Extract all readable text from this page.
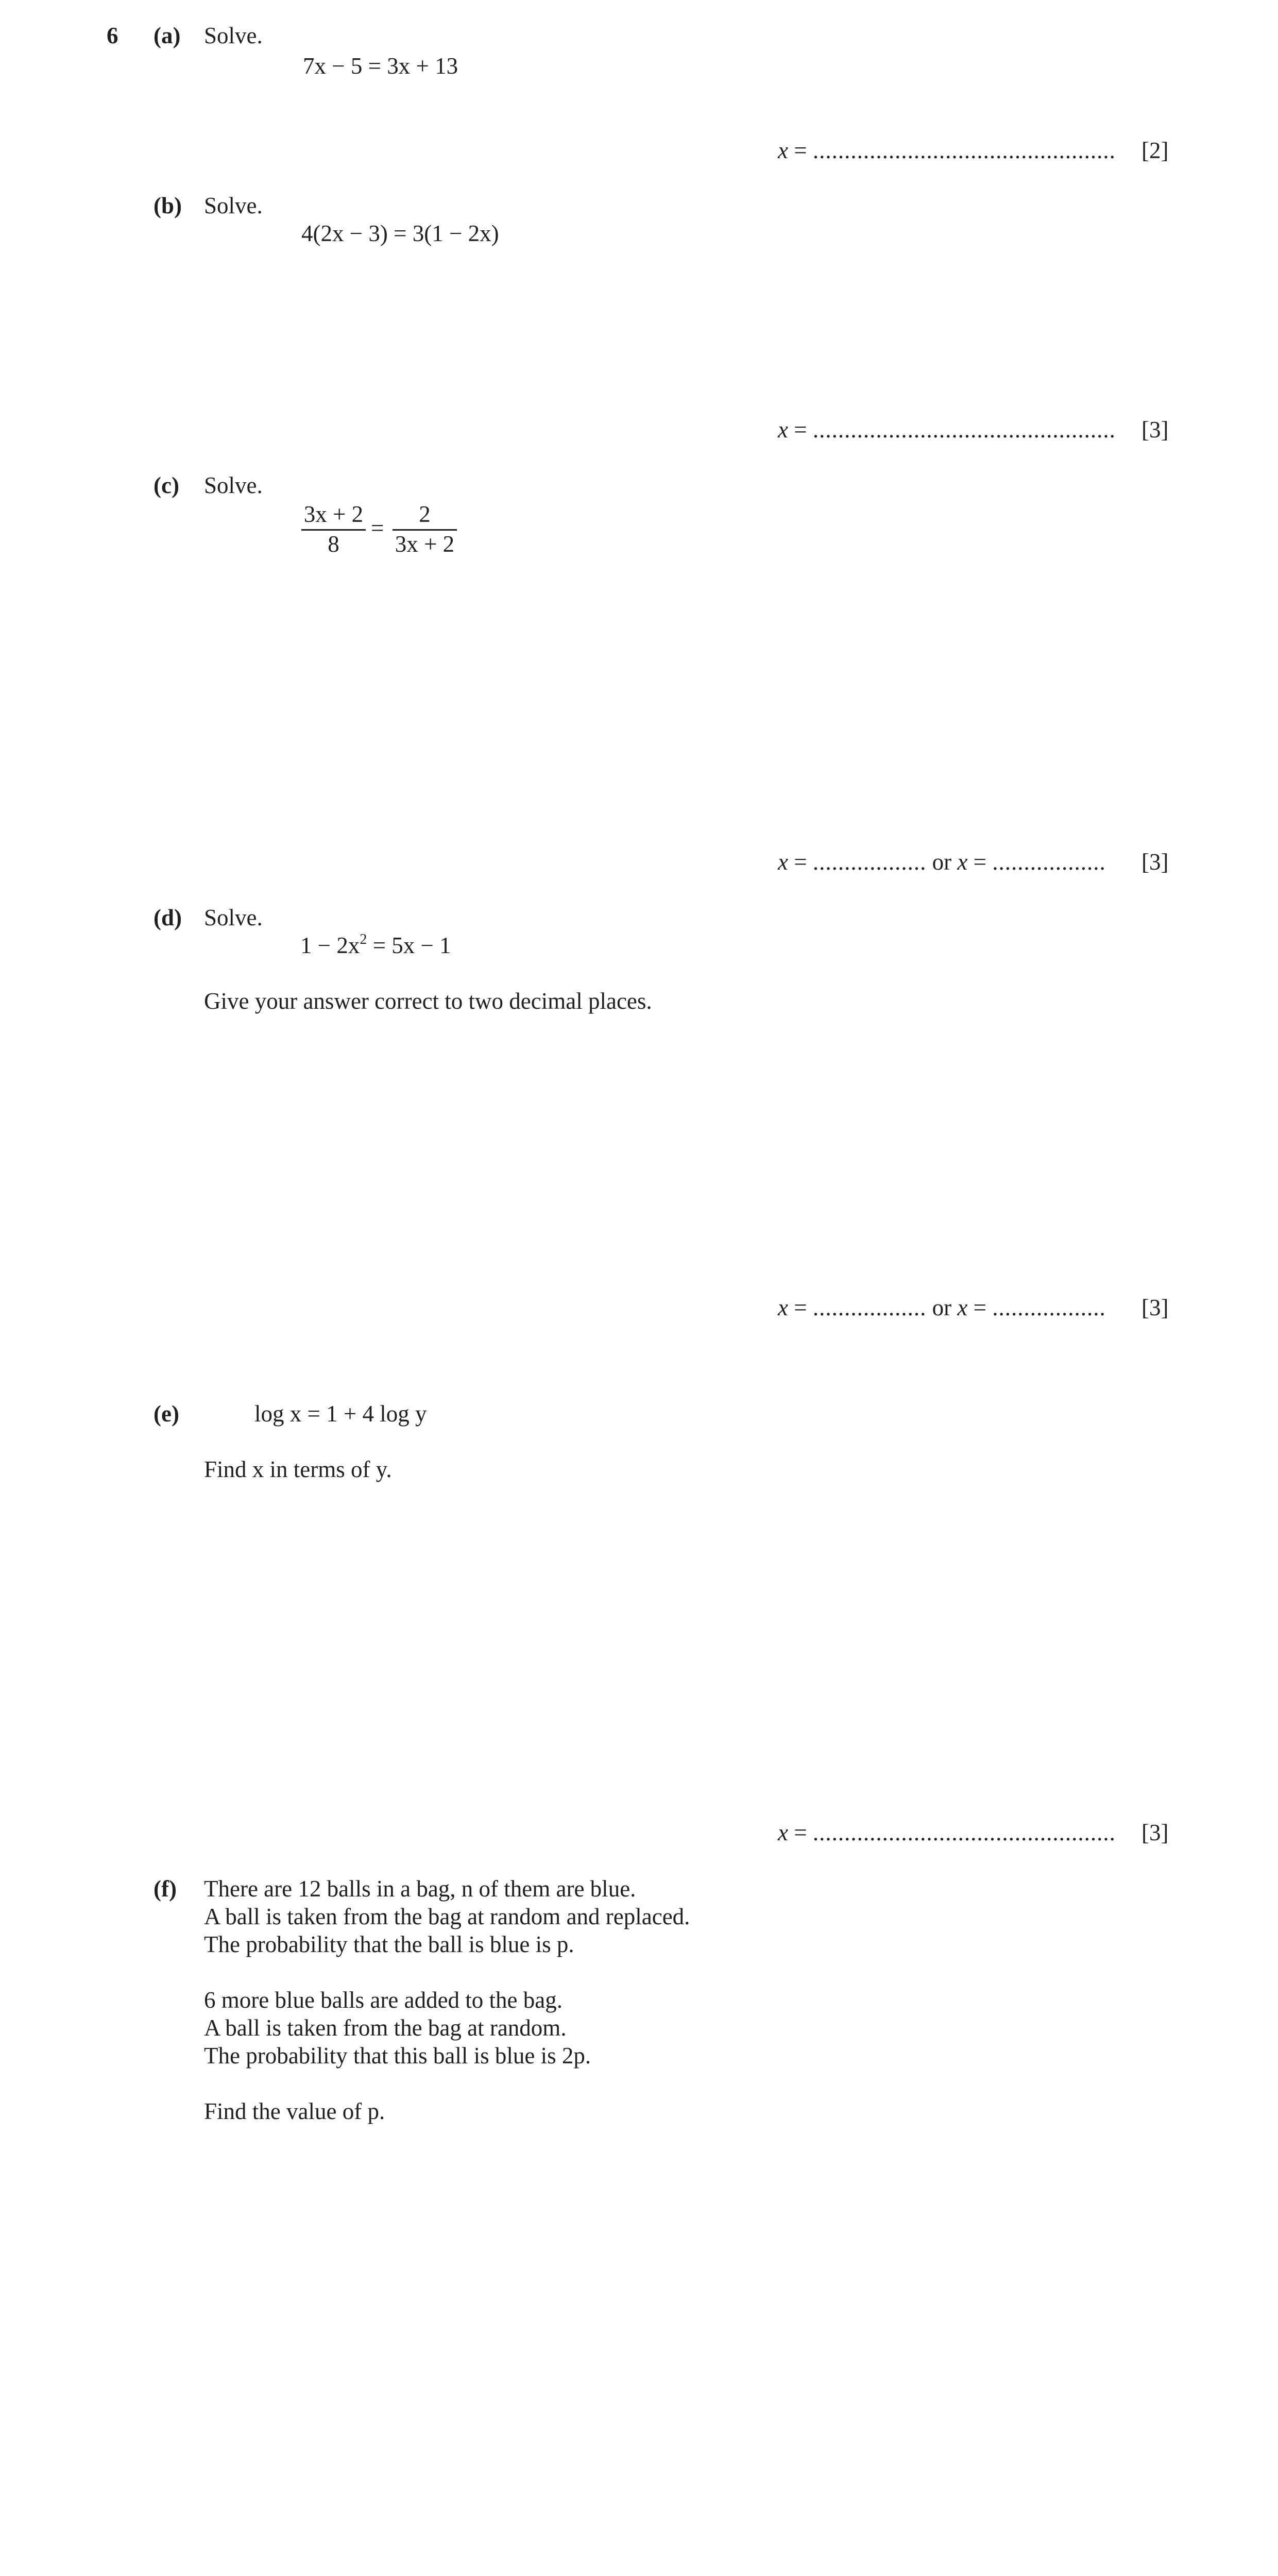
6 (a) Solve.
7x − 5 = 3x + 13
x = ................................................ [2]
(b) Solve.
4(2x − 3) = 3(1 − 2x)
x = ................................................ [3]
(c) Solve.
3x + 2
8
=
2
3x + 2
x = .................. or x = .................. [3]
(d) Solve.
$1 - 2x^2 = 5x - 1$
Give your answer correct to two decimal places.
x = .................. or x = .................. [3]
(e)	log x = 1 + 4 log y
Find x in terms of y.
x = ................................................ [3]
(f) There are 12 balls in a bag, n of them are blue.
A ball is taken from the bag at random and replaced.
The probability that the ball is blue is p.
6 more blue balls are added to the bag.
A ball is taken from the bag at random.
The probability that this ball is blue is 2p.
Find the value of p.
